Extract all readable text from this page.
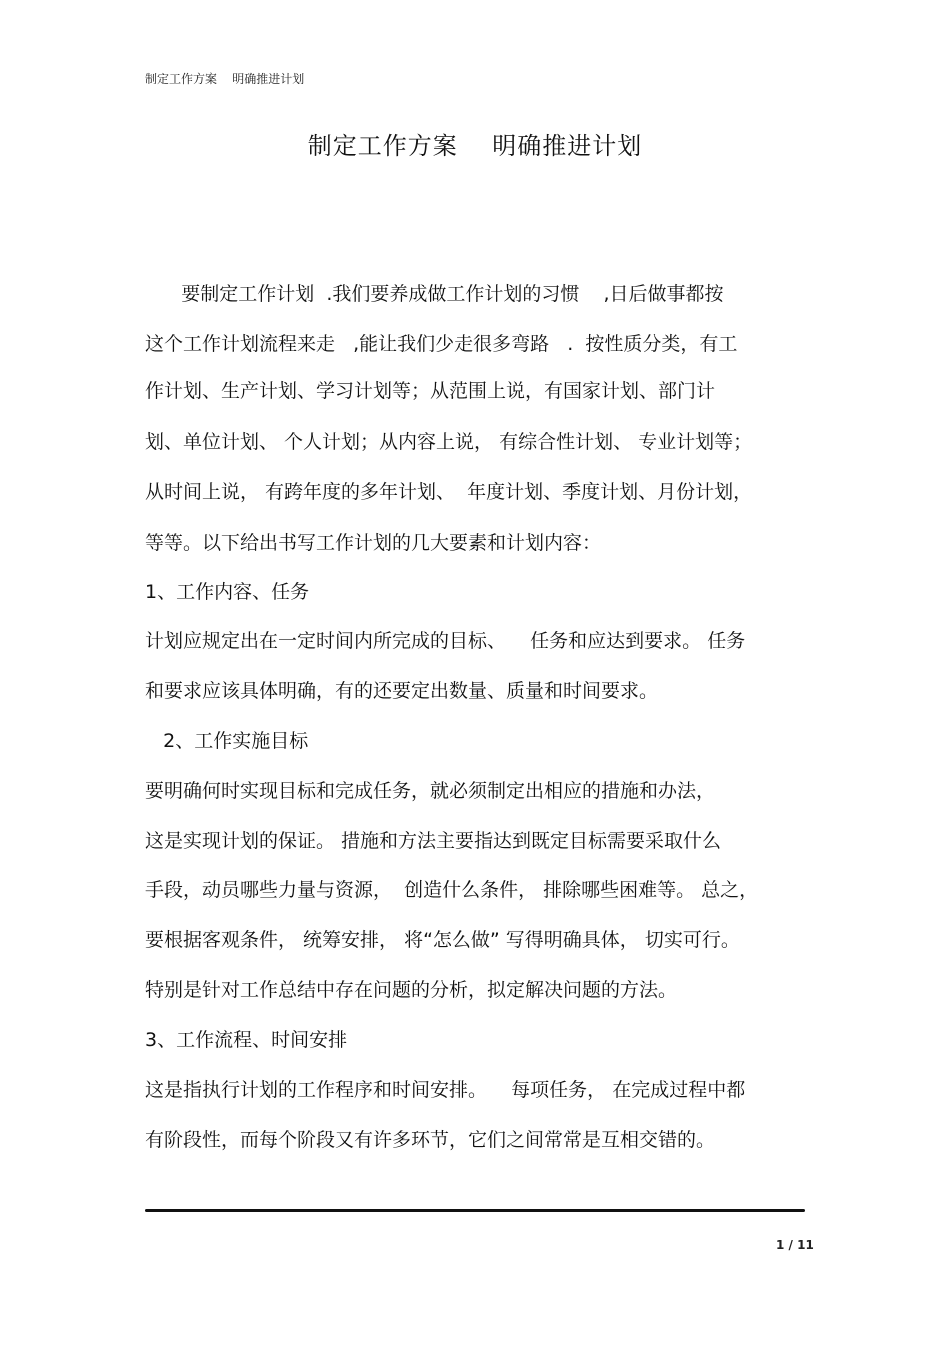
制定工作方案    明确推进计划
制定工作方案    明确推进计划
要制定工作计划  .我们要养成做工作计划的习惯    ,日后做事都按
这个工作计划流程来走   ,能让我们少走很多弯路   .  按性质分类，有工
作计划、生产计划、学习计划等；从范围上说，有国家计划、部门计
划、单位计划、 个人计划；从内容上说， 有综合性计划、 专业计划等；
从时间上说， 有跨年度的多年计划、  年度计划、季度计划、月份计划，
等等。以下给出书写工作计划的几大要素和计划内容：
1、工作内容、任务
计划应规定出在一定时间内所完成的目标、    任务和应达到要求。 任务
和要求应该具体明确，有的还要定出数量、质量和时间要求。
2、工作实施目标
要明确何时实现目标和完成任务，就必须制定出相应的措施和办法，
这是实现计划的保证。 措施和方法主要指达到既定目标需要采取什么
手段，动员哪些力量与资源，  创造什么条件， 排除哪些困难等。 总之，
要根据客观条件， 统筹安排， 将“怎么做” 写得明确具体， 切实可行。
特别是针对工作总结中存在问题的分析，拟定解决问题的方法。
3、工作流程、时间安排
这是指执行计划的工作程序和时间安排。    每项任务， 在完成过程中都
有阶段性，而每个阶段又有许多环节，它们之间常常是互相交错的。
1 / 11
